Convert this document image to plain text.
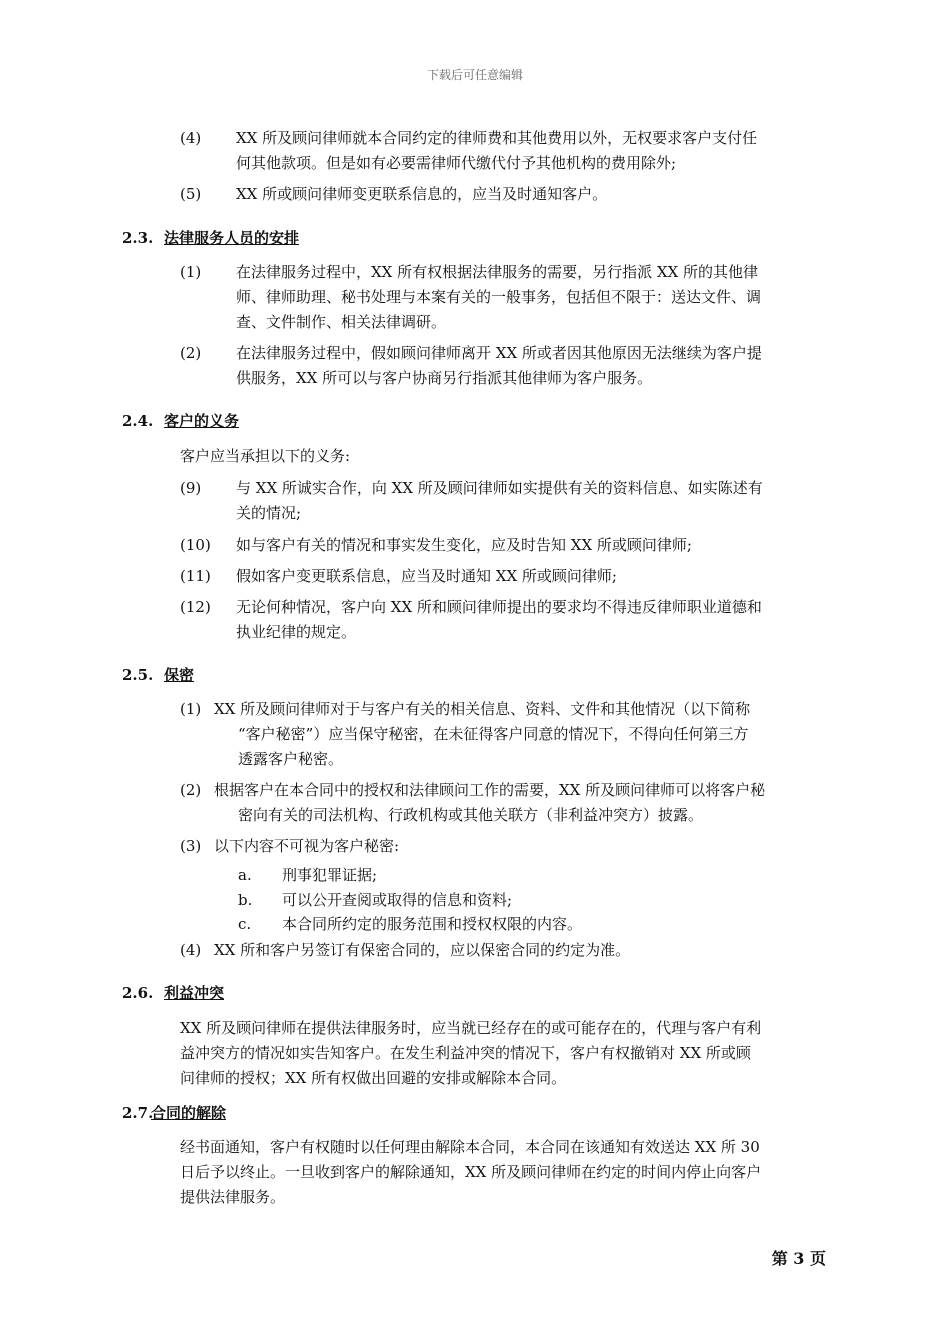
下载后可任意编辑
(4) XX 所及顾问律师就本合同约定的律师费和其他费用以外，无权要求客户支付任
何其他款项。但是如有必要需律师代缴代付予其他机构的费用除外;
(5) XX 所或顾问律师变更联系信息的，应当及时通知客户。
2.3. 法律服务人员的安排
(1) 在法律服务过程中，XX 所有权根据法律服务的需要，另行指派 XX 所的其他律
师、律师助理、秘书处理与本案有关的一般事务，包括但不限于：送达文件、调
查、文件制作、相关法律调研。
(2) 在法律服务过程中，假如顾问律师离开 XX 所或者因其他原因无法继续为客户提
供服务，XX 所可以与客户协商另行指派其他律师为客户服务。
2.4. 客户的义务
客户应当承担以下的义务:
(9) 与 XX 所诚实合作，向 XX 所及顾问律师如实提供有关的资料信息、如实陈述有
关的情况;
(10) 如与客户有关的情况和事实发生变化，应及时告知 XX 所或顾问律师;
(11) 假如客户变更联系信息，应当及时通知 XX 所或顾问律师;
(12) 无论何种情况，客户向 XX 所和顾问律师提出的要求均不得违反律师职业道德和
执业纪律的规定。
2.5. 保密
(1) XX 所及顾问律师对于与客户有关的相关信息、资料、文件和其他情况（以下简称
“客户秘密”）应当保守秘密，在未征得客户同意的情况下，不得向任何第三方
透露客户秘密。
(2) 根据客户在本合同中的授权和法律顾问工作的需要，XX 所及顾问律师可以将客户秘
密向有关的司法机构、行政机构或其他关联方（非利益冲突方）披露。
(3) 以下内容不可视为客户秘密:
a. 刑事犯罪证据;
b. 可以公开查阅或取得的信息和资料;
c. 本合同所约定的服务范围和授权权限的内容。
(4) XX 所和客户另签订有保密合同的，应以保密合同的约定为准。
2.6. 利益冲突
XX 所及顾问律师在提供法律服务时，应当就已经存在的或可能存在的，代理与客户有利
益冲突方的情况如实告知客户。在发生利益冲突的情况下，客户有权撤销对 XX 所或顾
问律师的授权；XX 所有权做出回避的安排或解除本合同。
2.7.
合同的解除
经书面通知，客户有权随时以任何理由解除本合同，本合同在该通知有效送达 XX 所 30
日后予以终止。一旦收到客户的解除通知，XX 所及顾问律师在约定的时间内停止向客户
提供法律服务。
第 3 页
